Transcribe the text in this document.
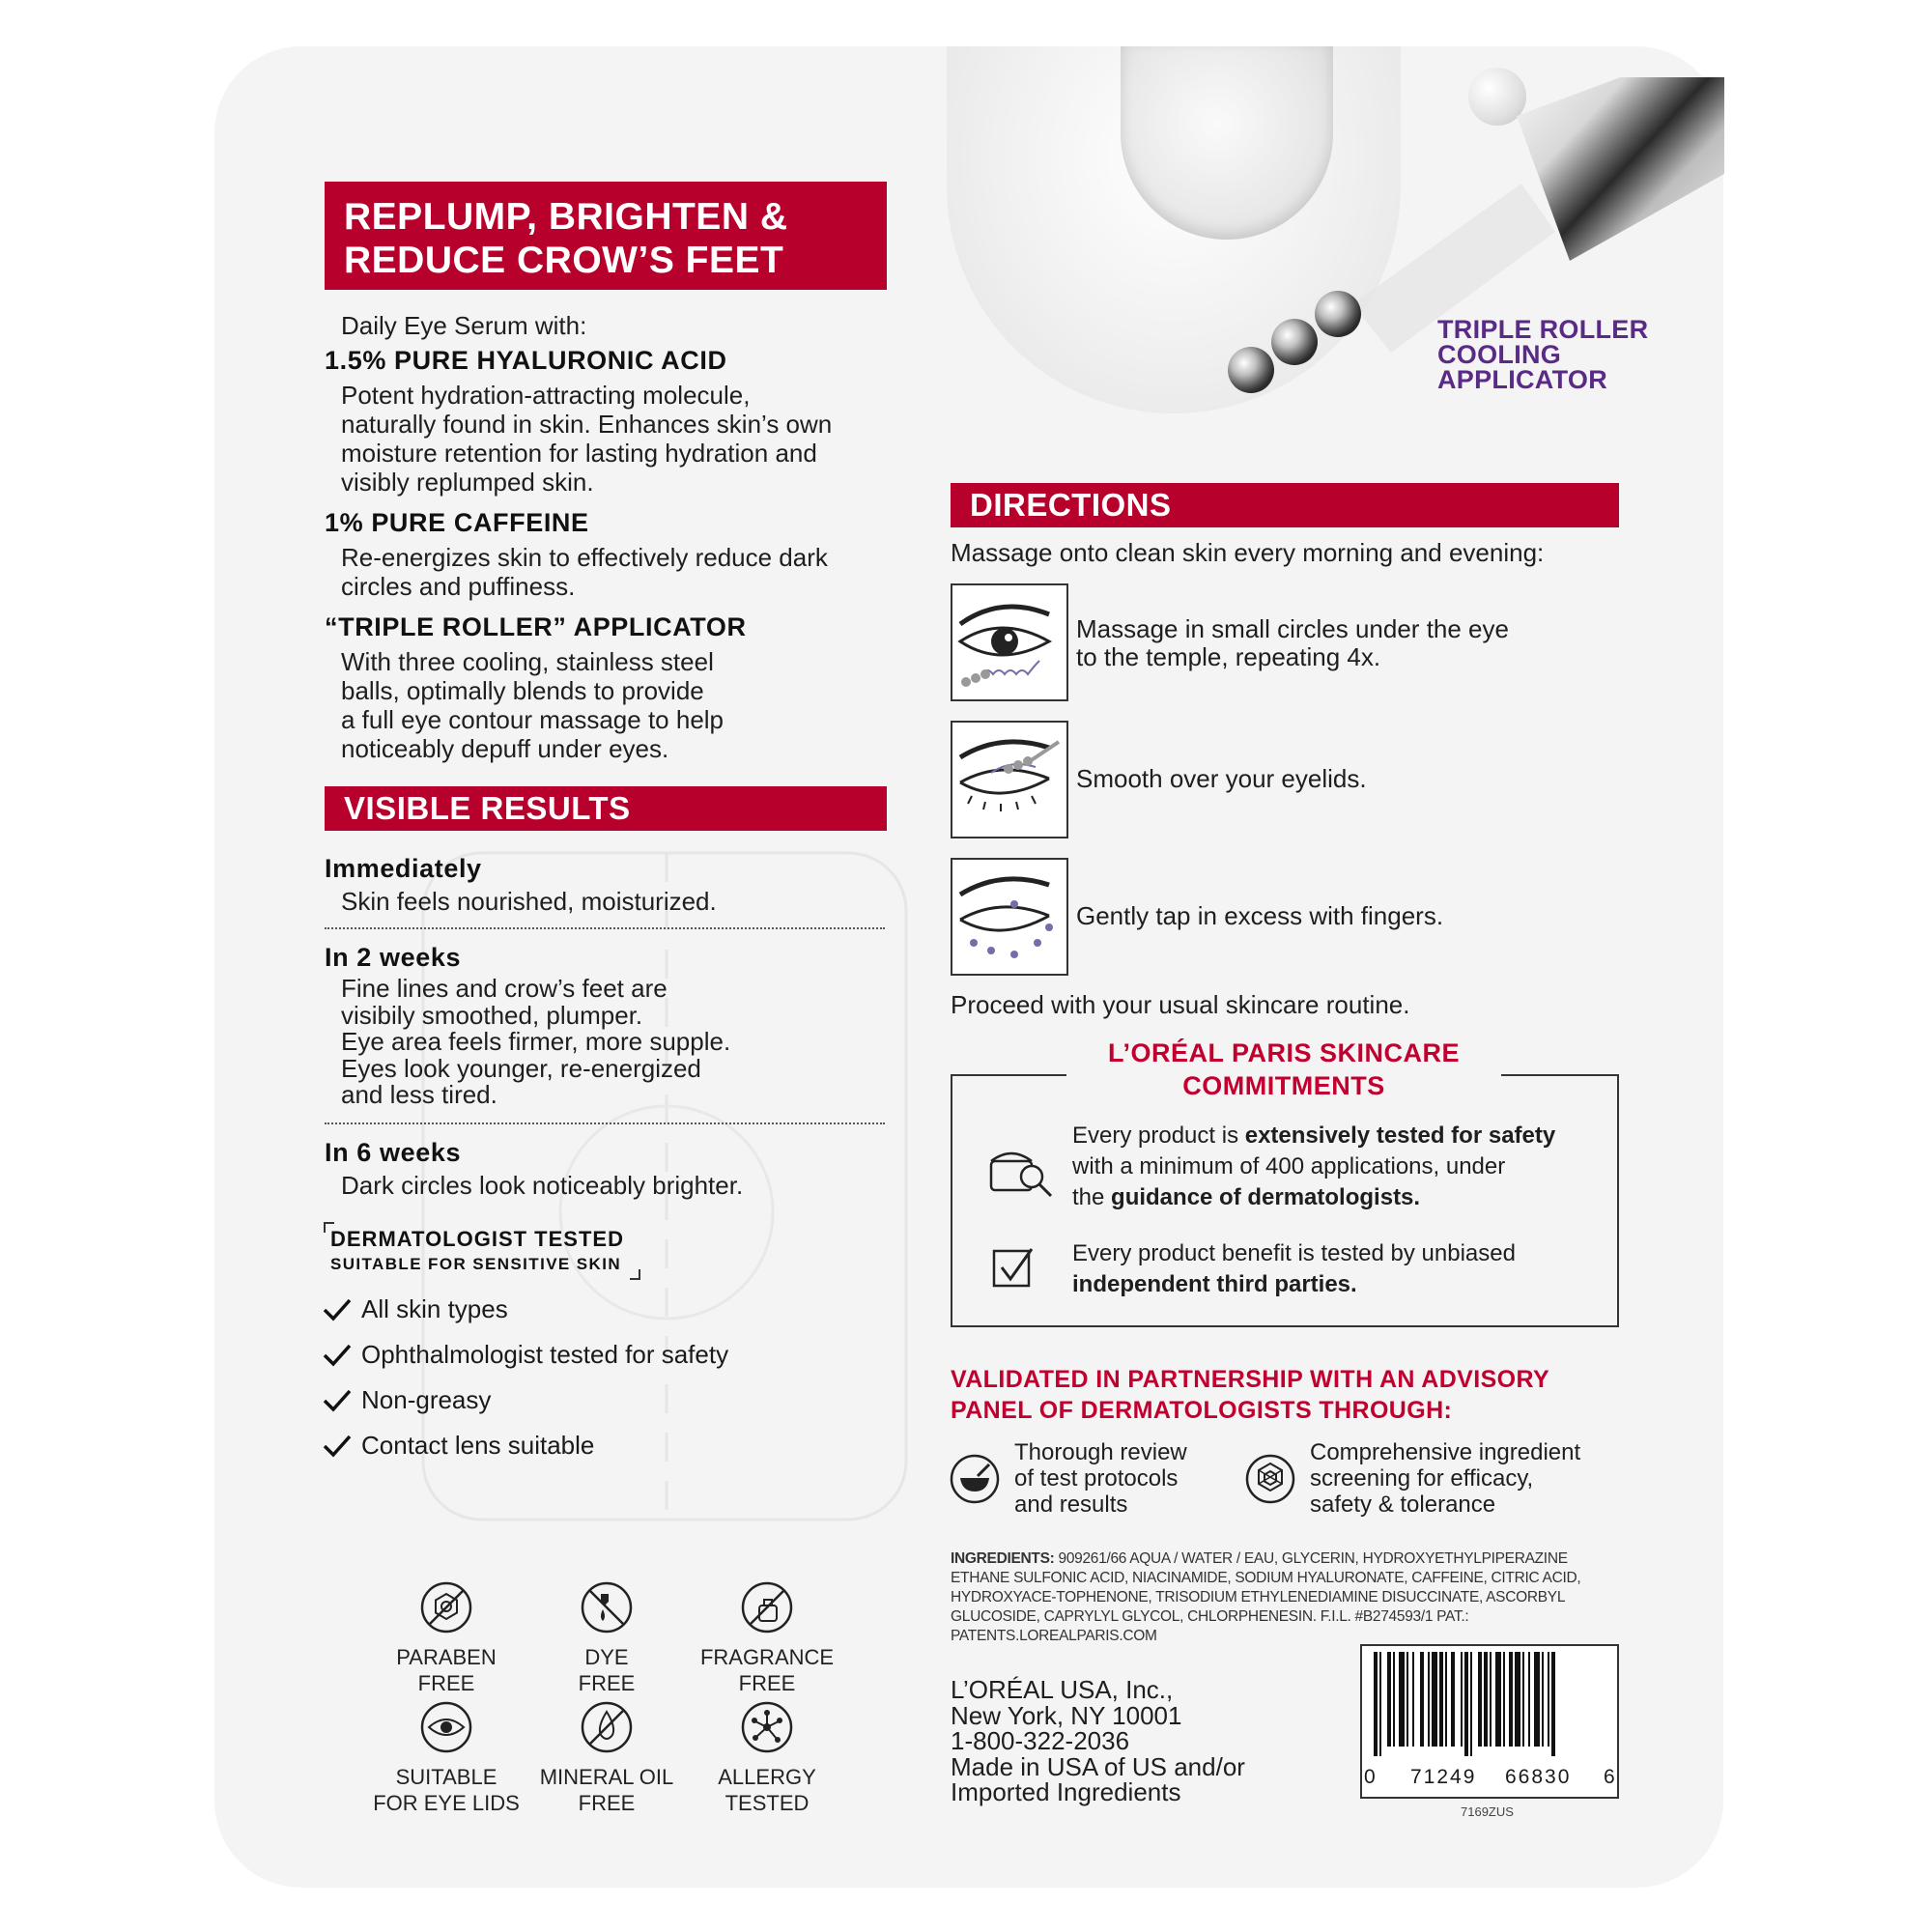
TRIPLE ROLLER
COOLING
APPLICATOR
REPLUMP, BRIGHTEN &
REDUCE CROW’S FEET
Daily Eye Serum with:
1.5% PURE HYALURONIC ACID
Potent hydration-attracting molecule,
naturally found in skin. Enhances skin’s own
moisture retention for lasting hydration and
visibly replumped skin.
1% PURE CAFFEINE
Re-energizes skin to effectively reduce dark
circles and puffiness.
“TRIPLE ROLLER” APPLICATOR
With three cooling, stainless steel
balls, optimally blends to provide
a full eye contour massage to help
noticeably depuff under eyes.
VISIBLE RESULTS
Immediately
Skin feels nourished, moisturized.
In 2 weeks
Fine lines and crow’s feet are
visibily smoothed, plumper.
Eye area feels firmer, more supple.
Eyes look younger, re-energized
and less tired.
In 6 weeks
Dark circles look noticeably brighter.
DERMATOLOGIST TESTED
SUITABLE FOR SENSITIVE SKIN
All skin types
Ophthalmologist tested for safety
Non-greasy
Contact lens suitable
PARABEN
FREE
DYE
FREE
FRAGRANCE
FREE
SUITABLE
FOR EYE LIDS
MINERAL OIL
FREE
ALLERGY
TESTED
DIRECTIONS
Massage onto clean skin every morning and evening:
Massage in small circles under the eye
to the temple, repeating 4x.
Smooth over your eyelids.
Gently tap in excess with fingers.
Proceed with your usual skincare routine.
L’ORÉAL PARIS SKINCARE
COMMITMENTS
Every product is extensively tested for safety
with a minimum of 400 applications, under
the guidance of dermatologists.
Every product benefit is tested by unbiased
independent third parties.
VALIDATED IN PARTNERSHIP WITH AN ADVISORY
PANEL OF DERMATOLOGISTS THROUGH:
Thorough review
of test protocols
and results
Comprehensive ingredient
screening for efficacy,
safety & tolerance
INGREDIENTS: 909261/66 AQUA / WATER / EAU, GLYCERIN, HYDROXYETHYLPIPERAZINE ETHANE SULFONIC ACID, NIACINAMIDE, SODIUM HYALURONATE, CAFFEINE, CITRIC ACID, HYDROXYACE-TOPHENONE, TRISODIUM ETHYLENEDIAMINE DISUCCINATE, ASCORBYL GLUCOSIDE, CAPRYLYL GLYCOL, CHLORPHENESIN. F.I.L. #B274593/1 PAT.: PATENTS.LOREALPARIS.COM
L’ORÉAL USA, Inc.,
New York, NY 10001
1-800-322-2036
Made in USA of US and/or
Imported Ingredients
0 71249 66830 6
7169ZUS
